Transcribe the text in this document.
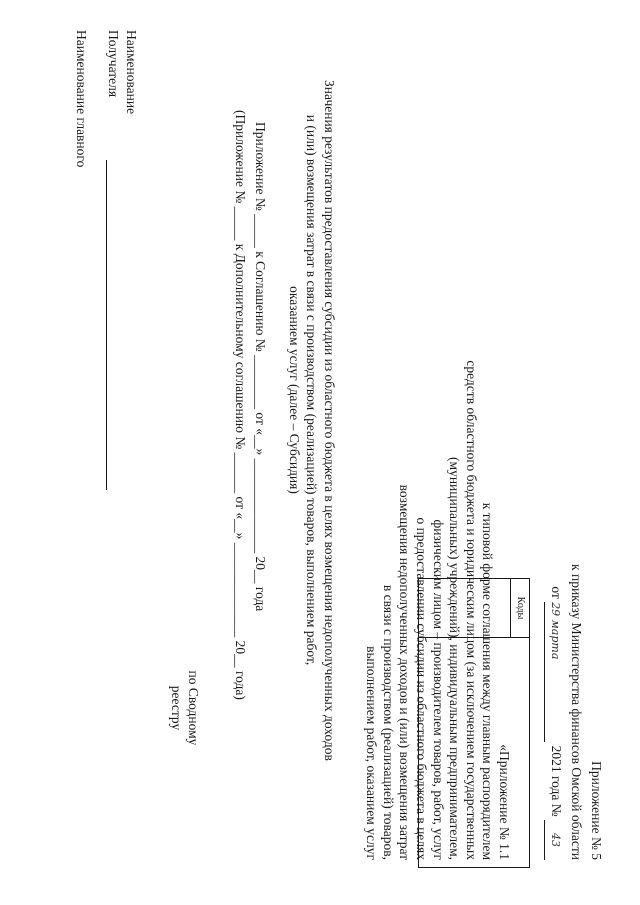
Приложение № 5
к приказу Министерства финансов Омской области
от 29 марта 2021 года № 43
«Приложение № 1.1
к типовой форме соглашения между главным распорядителем
средств областного бюджета и юридическим лицом (за исключением государственных
(муниципальных) учреждений), индивидуальным предпринимателем,
физическим лицом – производителем товаров, работ, услуг
о предоставлении субсидии из областного бюджета в целях
возмещения недополученных доходов и (или) возмещения затрат
в связи с производством (реализацией) товаров,
выполнением работ, оказанием услуг
Значения результатов предоставления субсидии из областного бюджета в целях возмещения недополученных доходов
и (или) возмещения затрат в связи с производством (реализацией) товаров, выполнением работ,
оказанием услуг (далее – Субсидия)
Приложение № _____ к Соглашению № ________ от «__» ______________ 20__ года
(Приложение № _____ к Дополнительному соглашению № ______ от «__» ______________ 20__ года)	Коды
по Сводному
реестру
Наименование
Получателя
Наименование главного
